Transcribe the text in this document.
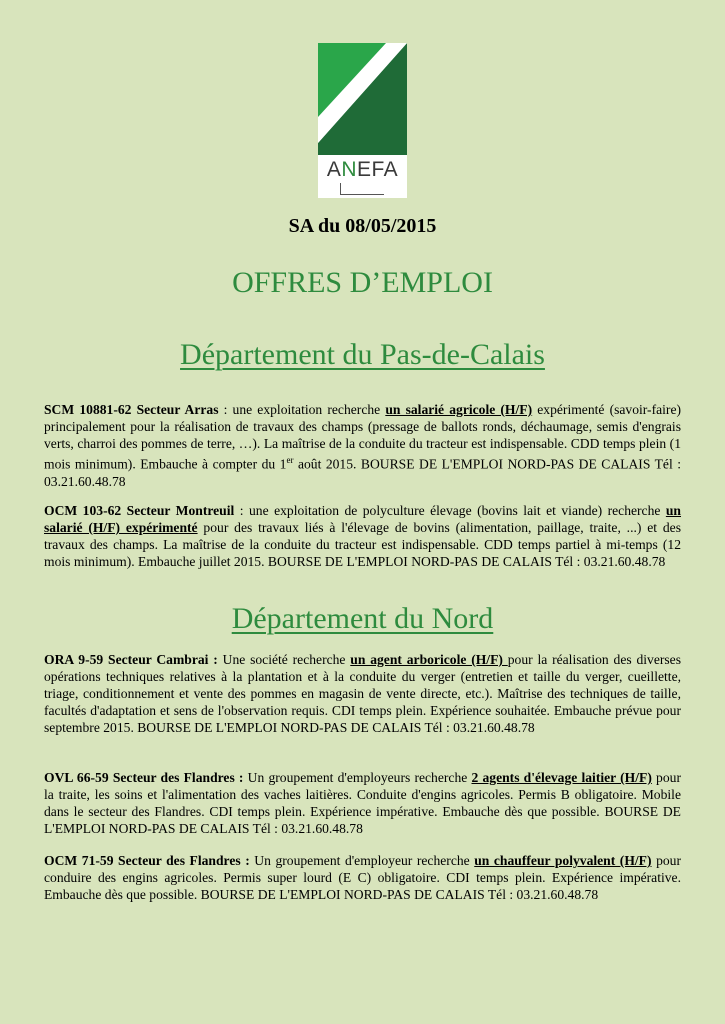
ANEFA
SA du 08/05/2015
OFFRES D’EMPLOI
Département du Pas-de-Calais

SCM 10881-62 Secteur Arras : une exploitation recherche un salarié agricole (H/F) expérimenté (savoir-faire) principalement pour la réalisation de travaux des champs (pressage de ballots ronds, déchaumage, semis d'engrais verts, charroi des pommes de terre, …). La maîtrise de la conduite du tracteur est indispensable. CDD temps plein (1 mois minimum). Embauche à compter du 1er août 2015. BOURSE DE L'EMPLOI NORD-PAS DE CALAIS Tél : 03.21.60.48.78

OCM 103-62 Secteur Montreuil : une exploitation de polyculture élevage (bovins lait et viande) recherche un salarié (H/F) expérimenté pour des travaux liés à l'élevage de bovins (alimentation, paillage, traite, ...) et des travaux des champs. La maîtrise de la conduite du tracteur est indispensable. CDD temps partiel à mi-temps (12 mois minimum). Embauche juillet 2015. BOURSE DE L'EMPLOI NORD-PAS DE CALAIS Tél : 03.21.60.48.78

Département du Nord

ORA 9-59 Secteur Cambrai : Une société recherche un agent arboricole (H/F) pour la réalisation des diverses opérations techniques relatives à la plantation et à la conduite du verger (entretien et taille du verger, cueillette, triage, conditionnement et vente des pommes en magasin de vente directe, etc.). Maîtrise des techniques de taille, facultés d'adaptation et sens de l'observation requis. CDI temps plein. Expérience souhaitée. Embauche prévue pour septembre 2015. BOURSE DE L'EMPLOI NORD-PAS DE CALAIS Tél : 03.21.60.48.78

OVL 66-59 Secteur des Flandres : Un groupement d'employeurs recherche 2 agents d'élevage laitier (H/F) pour la traite, les soins et l'alimentation des vaches laitières. Conduite d'engins agricoles. Permis B obligatoire. Mobile dans le secteur des Flandres. CDI temps plein. Expérience impérative. Embauche dès que possible. BOURSE DE L'EMPLOI NORD-PAS DE CALAIS Tél : 03.21.60.48.78

OCM 71-59 Secteur des Flandres : Un groupement d'employeur recherche un chauffeur polyvalent (H/F) pour conduire des engins agricoles. Permis super lourd (E C) obligatoire. CDI temps plein. Expérience impérative. Embauche dès que possible. BOURSE DE L'EMPLOI NORD-PAS DE CALAIS Tél : 03.21.60.48.78
